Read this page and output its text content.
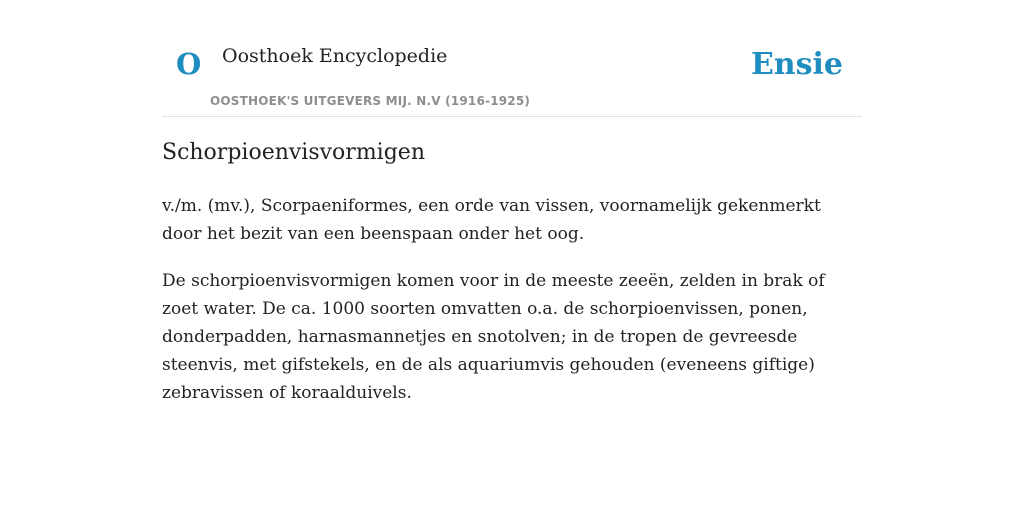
O Oosthoek Encyclopedie
OOSTHOEK'S UITGEVERS MIJ. N.V (1916-1925)
Ensie
Schorpioenvisvormigen

v./m. (mv.), Scorpaeniformes, een orde van vissen, voornamelijk gekenmerkt door het bezit van een beenspaan onder het oog.

De schorpioenvisvormigen komen voor in de meeste zeeën, zelden in brak of zoet water. De ca. 1000 soorten omvatten o.a. de schorpioenvissen, ponen, donderpadden, harnasmannetjes en snotolven; in de tropen de gevreesde steenvis, met gifstekels, en de als aquariumvis gehouden (eveneens giftige) zebravissen of koraalduivels.
